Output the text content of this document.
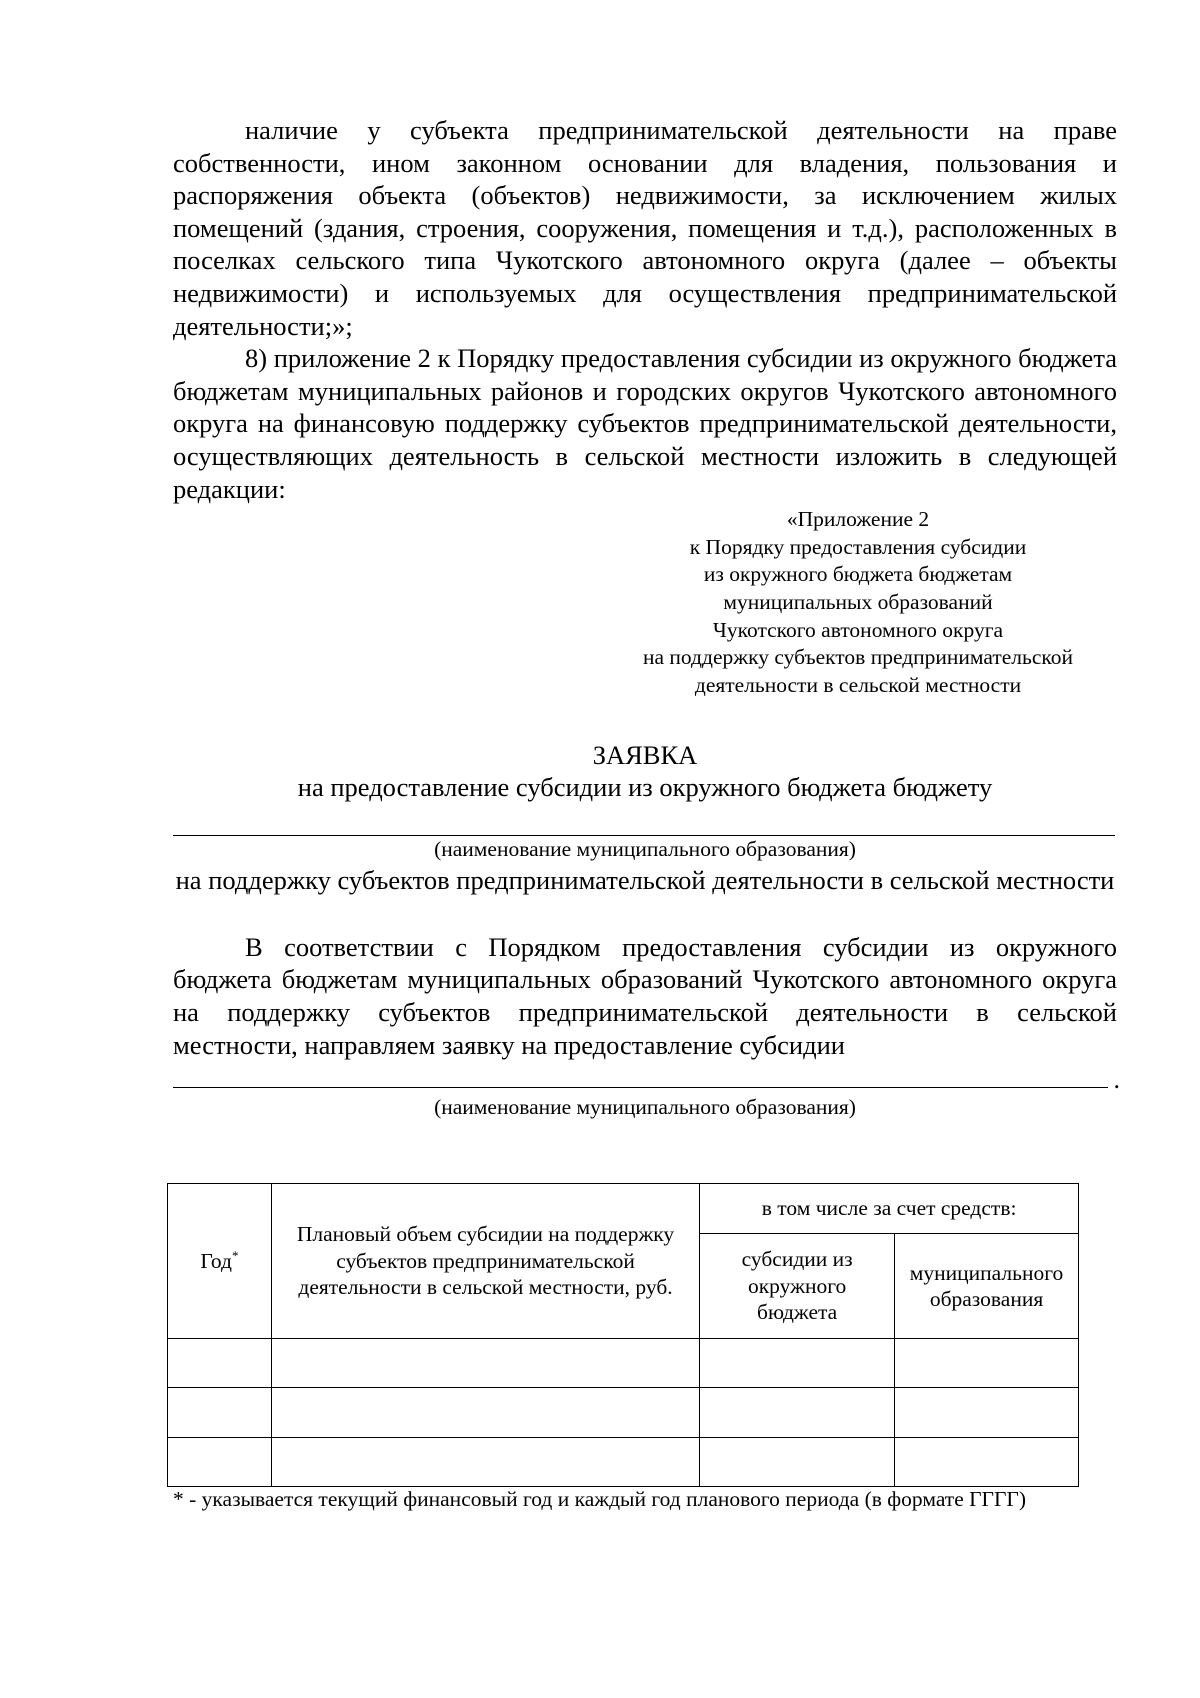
наличие у субъекта предпринимательской деятельности на праве собственности, ином законном основании для владения, пользования и распоряжения объекта (объектов) недвижимости, за исключением жилых помещений (здания, строения, сооружения, помещения и т.д.), расположенных в поселках сельского типа Чукотского автономного округа (далее – объекты недвижимости) и используемых для осуществления предпринимательской деятельности;»;

8) приложение 2 к Порядку предоставления субсидии из окружного бюджета бюджетам муниципальных районов и городских округов Чукотского автономного округа на финансовую поддержку субъектов предпринимательской деятельности, осуществляющих деятельность в сельской местности изложить в следующей редакции:

«Приложение 2
к Порядку предоставления субсидии
из окружного бюджета бюджетам
муниципальных образований
Чукотского автономного округа
на поддержку субъектов предпринимательской
деятельности в сельской местности

ЗАЯВКА

на предоставление субсидии из окружного бюджета бюджету

(наименование муниципального образования)

на поддержку субъектов предпринимательской деятельности в сельской местности

В соответствии с Порядком предоставления субсидии из окружного бюджета бюджетам муниципальных образований Чукотского автономного округа на поддержку субъектов предпринимательской деятельности в сельской местности, направляем заявку на предоставление субсидии

.

(наименование муниципального образования)

Год*	Плановый объем субсидии на поддержку субъектов предпринимательской деятельности в сельской местности, руб.	в том числе за счет средств:	
		субсидии из окружного бюджета	муниципального образования

* - указывается текущий финансовый год и каждый год планового периода (в формате ГГГГ)
